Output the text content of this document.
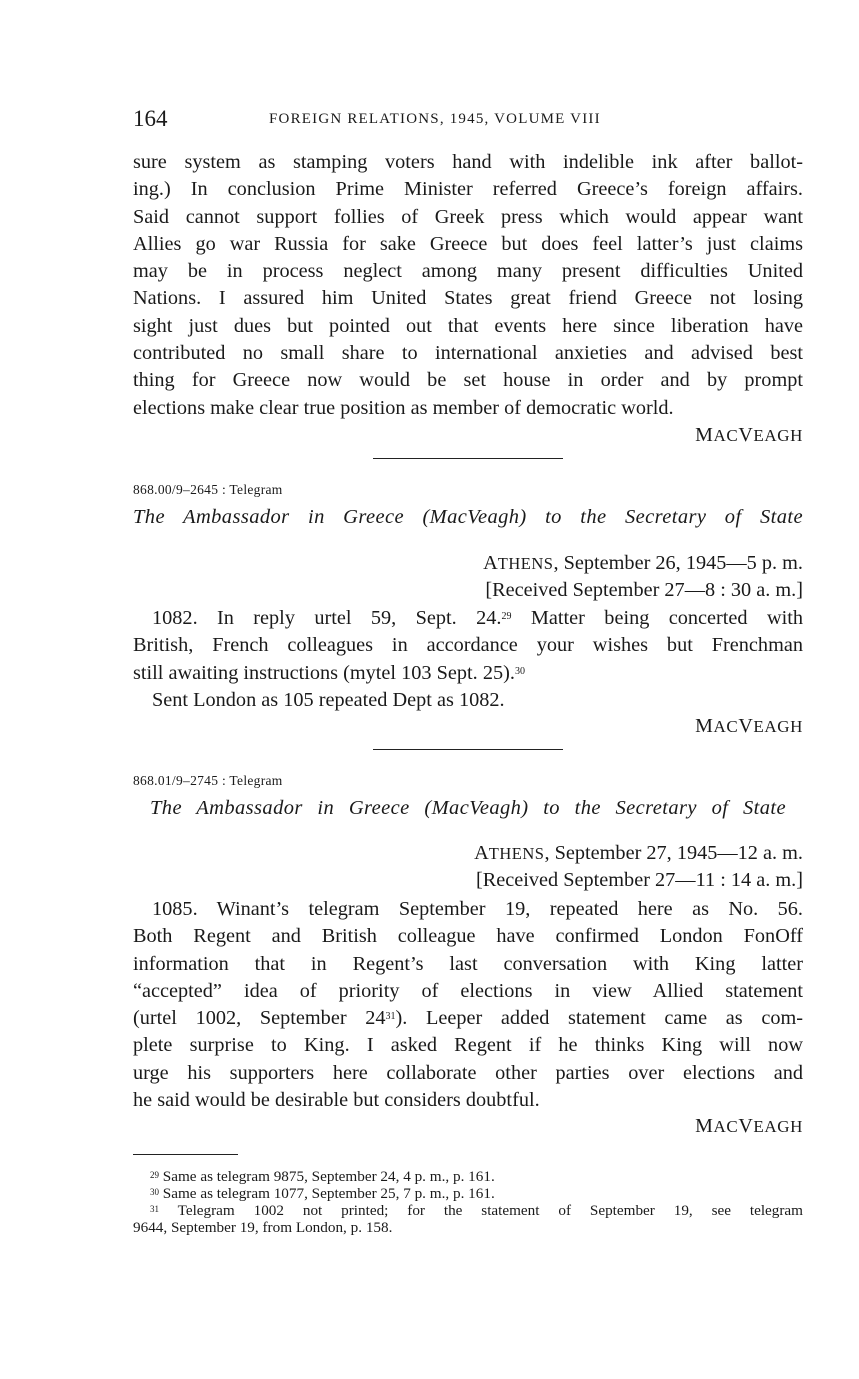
164	FOREIGN RELATIONS, 1945, VOLUME VIII
sure system as stamping voters hand with indelible ink after ballot-
ing.) In conclusion Prime Minister referred Greece’s foreign affairs.
Said cannot support follies of Greek press which would appear want
Allies go war Russia for sake Greece but does feel latter’s just claims
may be in process neglect among many present difficulties United
Nations. I assured him United States great friend Greece not losing
sight just dues but pointed out that events here since liberation have
contributed no small share to international anxieties and advised best
thing for Greece now would be set house in order and by prompt
elections make clear true position as member of democratic world.
MACVEAGH
868.00/9–2645 : Telegram
The Ambassador in Greece (MacVeagh) to the Secretary of State
ATHENS, September 26, 1945—5 p. m.
[Received September 27—8 : 30 a. m.]
1082. In reply urtel 59, Sept. 24.29 Matter being concerted with
British, French colleagues in accordance your wishes but Frenchman
still awaiting instructions (mytel 103 Sept. 25).$^{30}$
Sent London as 105 repeated Dept as 1082.
MACVEAGH
868.01/9–2745 : Telegram
The Ambassador in Greece (MacVeagh) to the Secretary of State
ATHENS, September 27, 1945—12 a. m.
[Received September 27—11 : 14 a. m.]
1085. Winant’s telegram September 19, repeated here as No. 56.
Both Regent and British colleague have confirmed London FonOff
information that in Regent’s last conversation with King latter
“accepted” idea of priority of elections in view Allied statement
(urtel 1002, September $24^{31}$). Leeper added statement came as com-
plete surprise to King. I asked Regent if he thinks King will now
urge his supporters here collaborate other parties over elections and
he said would be desirable but considers doubtful.
MACVEAGH
$^{29}$ Same as telegram 9875, September 24, 4 p. m., p. 161.
$^{30}$ Same as telegram 1077, September 25, 7 p. m., p. 161.
$^{31}$ Telegram 1002 not printed; for the statement of September 19, see telegram
9644, September 19, from London, p. 158.
